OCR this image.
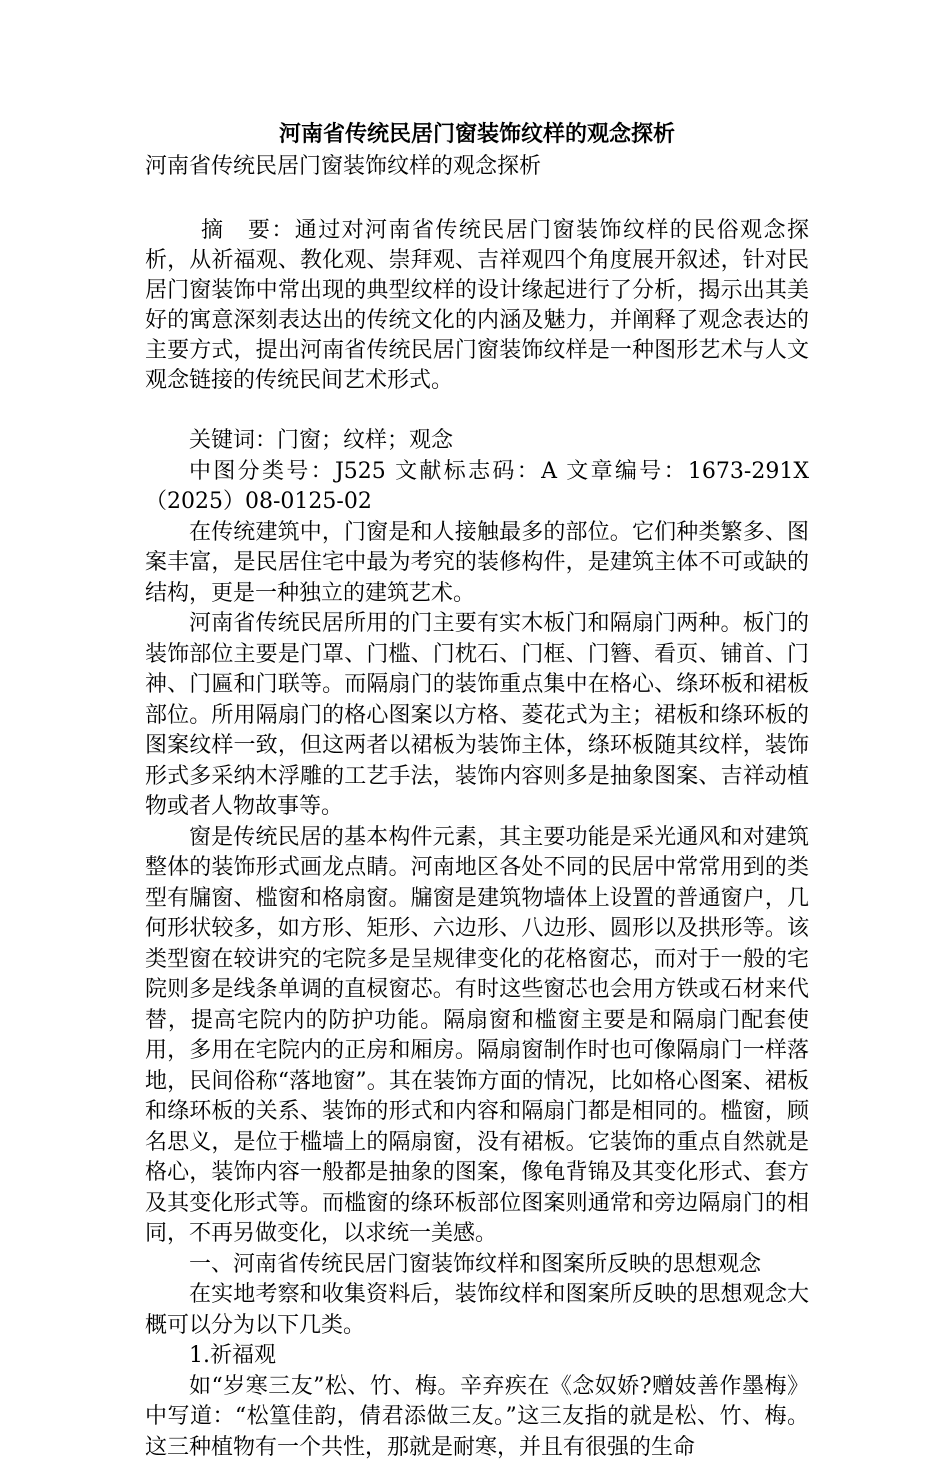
河南省传统民居门窗装饰纹样的观念探析
河南省传统民居门窗装饰纹样的观念探析

摘　要：通过对河南省传统民居门窗装饰纹样的民俗观念探析，从祈福观、教化观、崇拜观、吉祥观四个角度展开叙述，针对民居门窗装饰中常出现的典型纹样的设计缘起进行了分析，揭示出其美好的寓意深刻表达出的传统文化的内涵及魅力，并阐释了观念表达的主要方式，提出河南省传统民居门窗装饰纹样是一种图形艺术与人文观念链接的传统民间艺术形式。

关键词：门窗；纹样；观念

中图分类号：J525 文献标志码：A 文章编号：1673-291X（2025）08-0125-02

在传统建筑中，门窗是和人接触最多的部位。它们种类繁多、图案丰富，是民居住宅中最为考究的装修构件，是建筑主体不可或缺的结构，更是一种独立的建筑艺术。

河南省传统民居所用的门主要有实木板门和隔扇门两种。板门的装饰部位主要是门罩、门槛、门枕石、门框、门簪、看页、铺首、门神、门匾和门联等。而隔扇门的装饰重点集中在格心、绦环板和裙板部位。所用隔扇门的格心图案以方格、菱花式为主；裙板和绦环板的图案纹样一致，但这两者以裙板为装饰主体，绦环板随其纹样，装饰形式多采纳木浮雕的工艺手法，装饰内容则多是抽象图案、吉祥动植物或者人物故事等。

窗是传统民居的基本构件元素，其主要功能是采光通风和对建筑整体的装饰形式画龙点睛。河南地区各处不同的民居中常常用到的类型有牖窗、槛窗和格扇窗。牖窗是建筑物墙体上设置的普通窗户，几何形状较多，如方形、矩形、六边形、八边形、圆形以及拱形等。该类型窗在较讲究的宅院多是呈规律变化的花格窗芯，而对于一般的宅院则多是线条单调的直棂窗芯。有时这些窗芯也会用方铁或石材来代替，提高宅院内的防护功能。隔扇窗和槛窗主要是和隔扇门配套使用，多用在宅院内的正房和厢房。隔扇窗制作时也可像隔扇门一样落地，民间俗称“落地窗”。其在装饰方面的情况，比如格心图案、裙板和绦环板的关系、装饰的形式和内容和隔扇门都是相同的。槛窗，顾名思义，是位于槛墙上的隔扇窗，没有裙板。它装饰的重点自然就是格心，装饰内容一般都是抽象的图案，像龟背锦及其变化形式、套方及其变化形式等。而槛窗的绦环板部位图案则通常和旁边隔扇门的相同，不再另做变化，以求统一美感。

一、河南省传统民居门窗装饰纹样和图案所反映的思想观念

在实地考察和收集资料后，装饰纹样和图案所反映的思想观念大概可以分为以下几类。

1.祈福观

如“岁寒三友”松、竹、梅。辛弃疾在《念奴娇?赠妓善作墨梅》中写道：“松篁佳韵，倩君添做三友。”这三友指的就是松、竹、梅。这三种植物有一个共性，那就是耐寒，并且有很强的生命
